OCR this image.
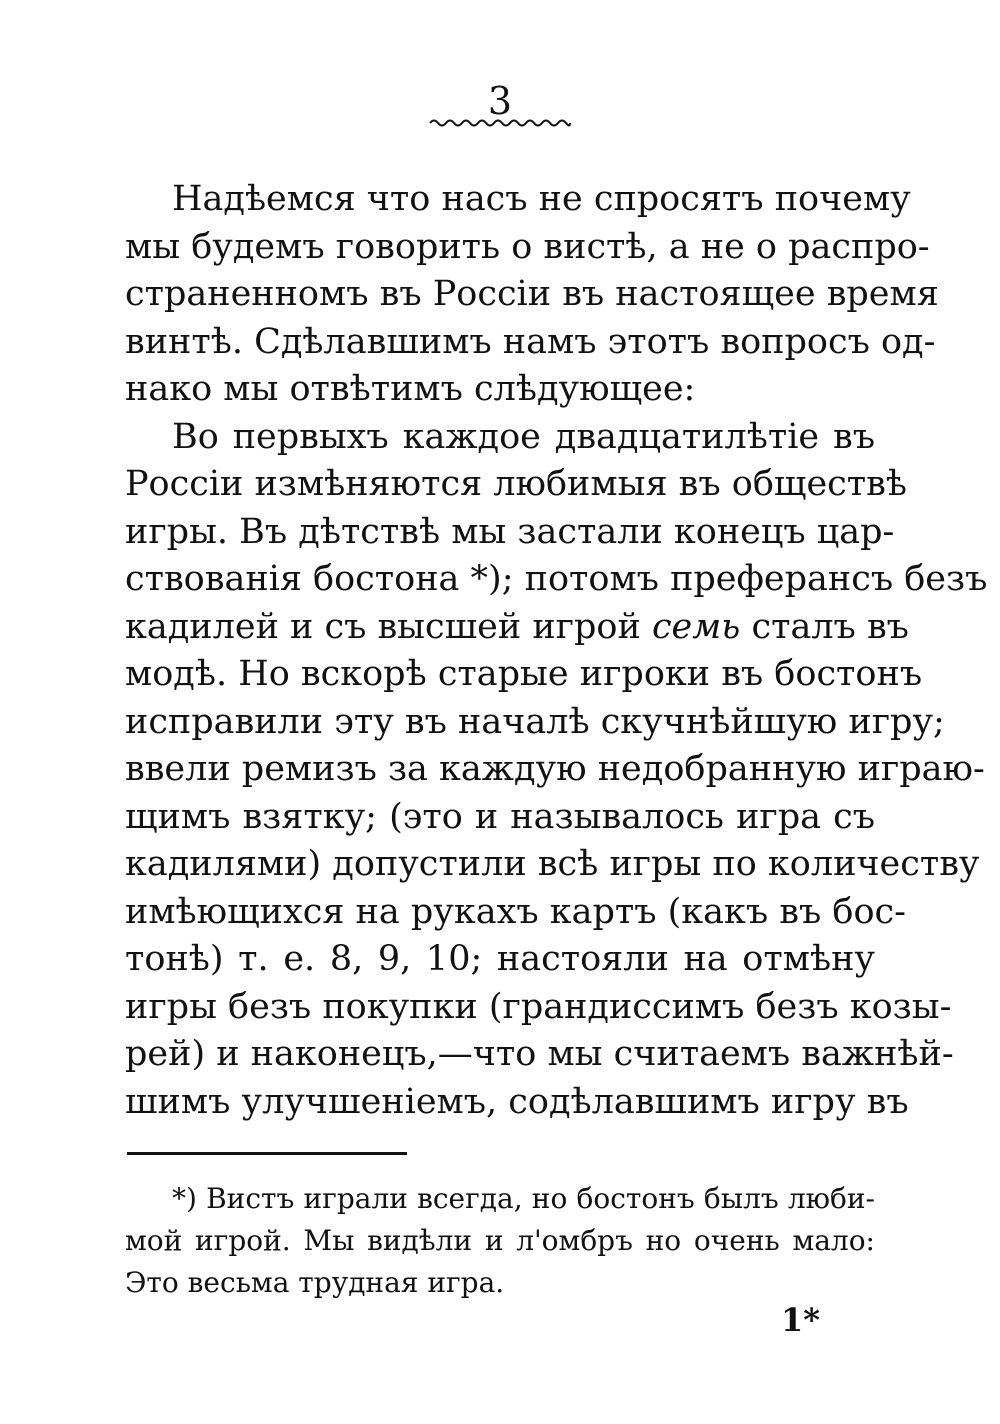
3
Надѣемся что насъ не спросятъ почему
мы будемъ говорить о вистѣ, а не о распро-
страненномъ въ Россіи въ настоящее время
винтѣ. Сдѣлавшимъ намъ этотъ вопросъ од-
нако мы отвѣтимъ слѣдующее:
Во первыхъ каждое двадцатилѣтіе въ
Россіи измѣняются любимыя въ обществѣ
игры. Въ дѣтствѣ мы застали конецъ цар-
ствованія бостона *); потомъ преферансъ безъ
кадилей и съ высшей игрой семь сталъ въ
модѣ. Но вскорѣ старые игроки въ бостонъ
исправили эту въ началѣ скучнѣйшую игру;
ввели ремизъ за каждую недобранную играю-
щимъ взятку; (это и называлось игра съ
кадилями) допустили всѣ игры по количеству
имѣющихся на рукахъ картъ (какъ въ бос-
тонѣ) т. е. 8, 9, 10; настояли на отмѣну
игры безъ покупки (грандиссимъ безъ козы-
рей) и наконецъ,—что мы считаемъ важнѣй-
шимъ улучшеніемъ, содѣлавшимъ игру въ
*) Вистъ играли всегда, но бостонъ былъ люби-
мой игрой. Мы видѣли и л'омбръ но очень мало:
Это весьма трудная игра.
1*
